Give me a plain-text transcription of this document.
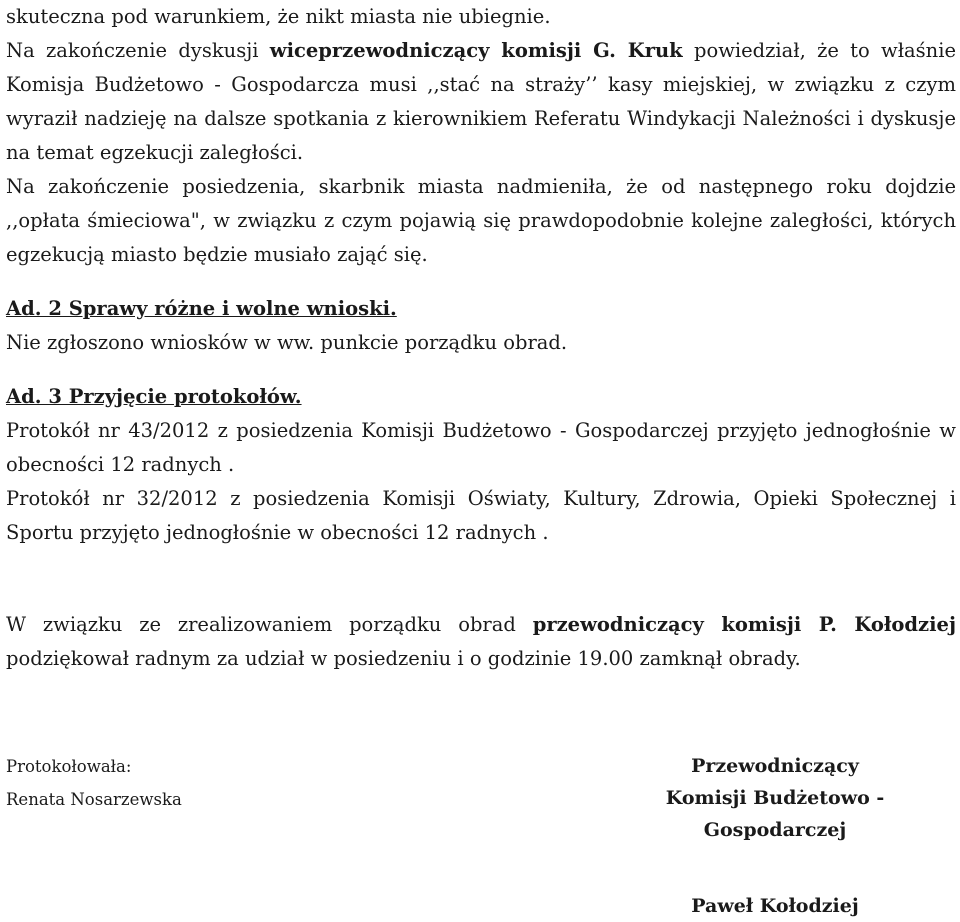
skuteczna pod warunkiem, że nikt miasta nie ubiegnie.

Na zakończenie dyskusji wiceprzewodniczący komisji G. Kruk powiedział, że to właśnie Komisja Budżetowo - Gospodarcza musi ,,stać na straży’’ kasy miejskiej, w związku z czym wyraził nadzieję na dalsze spotkania z kierownikiem Referatu Windykacji Należności i dyskusje na temat egzekucji zaległości.

Na zakończenie posiedzenia, skarbnik miasta nadmieniła, że od następnego roku dojdzie ,,opłata śmieciowa", w związku z czym pojawią się prawdopodobnie kolejne zaległości, których egzekucją miasto będzie musiało zająć się.

Ad. 2 Sprawy różne i wolne wnioski.

Nie zgłoszono wniosków w ww. punkcie porządku obrad.

Ad. 3 Przyjęcie protokołów.

Protokół nr 43/2012 z posiedzenia Komisji Budżetowo - Gospodarczej przyjęto jednogłośnie w obecności 12 radnych .

Protokół nr 32/2012 z posiedzenia Komisji Oświaty, Kultury, Zdrowia, Opieki Społecznej i Sportu przyjęto jednogłośnie w obecności 12 radnych .

W związku ze zrealizowaniem porządku obrad przewodniczący komisji P. Kołodziej podziękował radnym za udział w posiedzeniu i o godzinie 19.00 zamknął obrady.

Protokołowała:
Renata Nosarzewska
Przewodniczący
Komisji Budżetowo - Gospodarczej
Paweł Kołodziej
